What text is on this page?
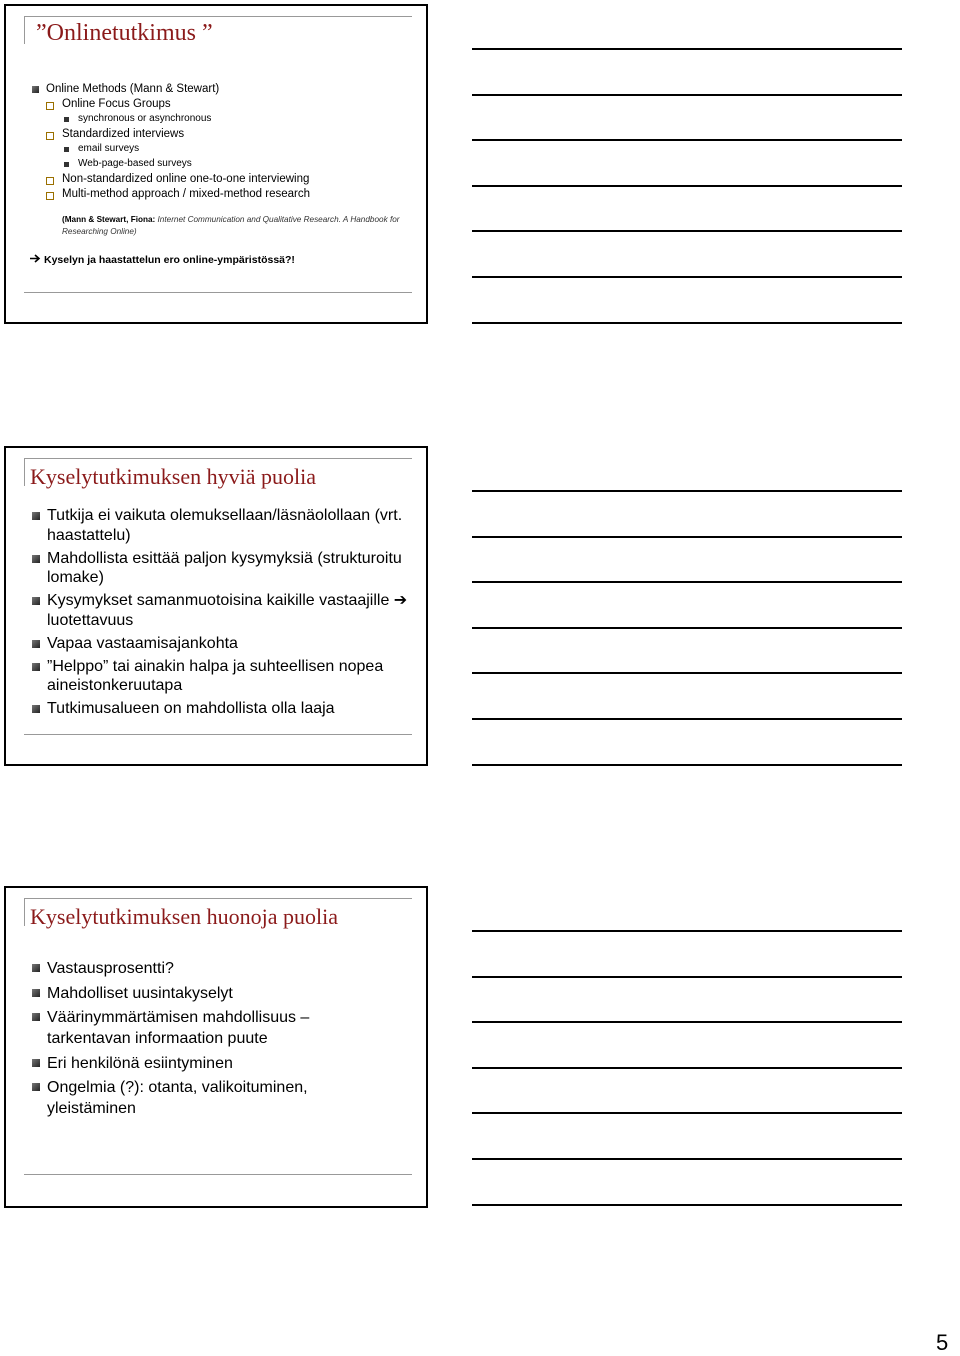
”Onlinetutkimus ”
Online Methods (Mann & Stewart)
Online Focus Groups
synchronous or asynchronous
Standardized interviews
email surveys
Web-page-based surveys
Non-standardized online one-to-one interviewing
Multi-method approach / mixed-method research
(Mann & Stewart, Fiona: Internet Communication and Qualitative Research. A Handbook for Researching Online)
Kyselyn ja haastattelun ero online-ympäristössä?!
Kyselytutkimuksen hyviä puolia
Tutkija ei vaikuta olemuksellaan/läsnäolollaan (vrt. haastattelu)
Mahdollista esittää paljon kysymyksiä (strukturoitu lomake)
Kysymykset samanmuotoisina kaikille vastaajille ➔ luotettavuus
Vapaa vastaamisajankohta
”Helppo” tai ainakin halpa ja suhteellisen nopea aineistonkeruutapa
Tutkimusalueen on mahdollista olla laaja
Kyselytutkimuksen huonoja puolia
Vastausprosentti?
Mahdolliset uusintakyselyt
Väärinymmärtämisen mahdollisuus – tarkentavan informaation puute
Eri henkilönä esiintyminen
Ongelmia (?): otanta, valikoituminen, yleistäminen
5
